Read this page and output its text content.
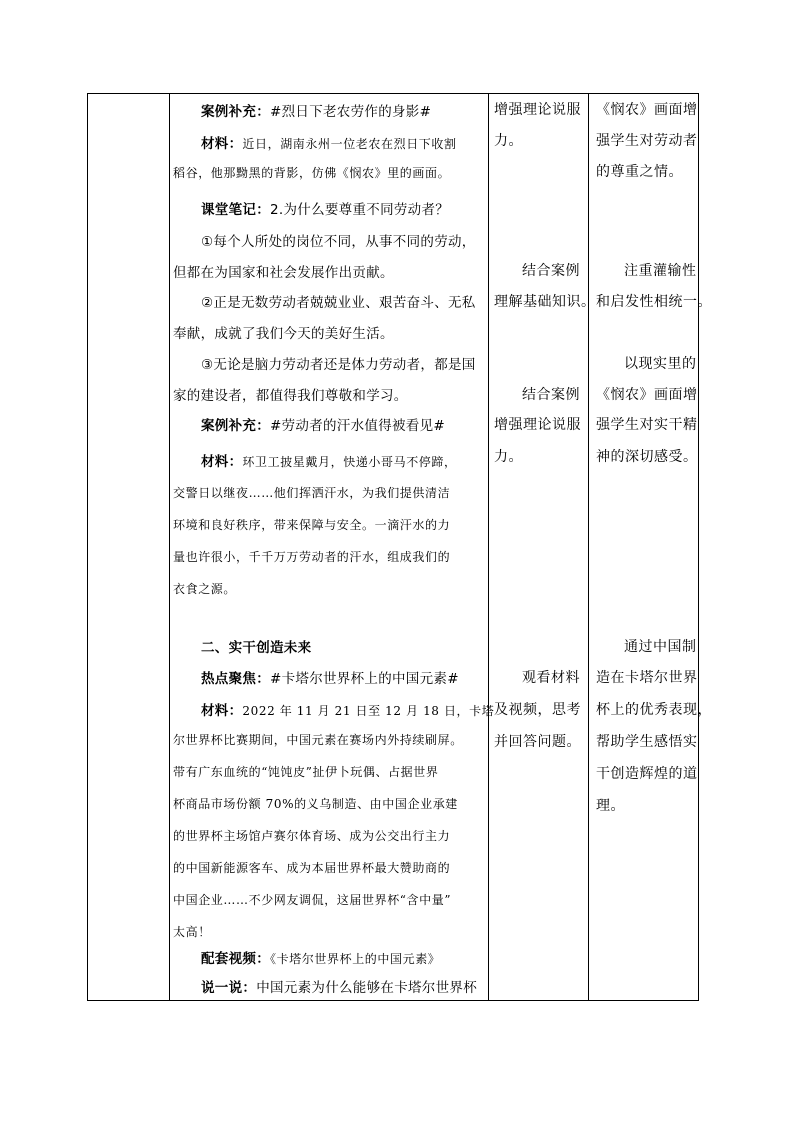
案例补充：#烈日下老农劳作的身影#
材料：近日，湖南永州一位老农在烈日下收割
稻谷，他那黝黑的背影，仿佛《悯农》里的画面。
课堂笔记：2.为什么要尊重不同劳动者？
①每个人所处的岗位不同，从事不同的劳动，
但都在为国家和社会发展作出贡献。
②正是无数劳动者兢兢业业、艰苦奋斗、无私
奉献，成就了我们今天的美好生活。
③无论是脑力劳动者还是体力劳动者，都是国
家的建设者，都值得我们尊敬和学习。
案例补充：#劳动者的汗水值得被看见#
材料：环卫工披星戴月，快递小哥马不停蹄，
交警日以继夜……他们挥洒汗水，为我们提供清洁
环境和良好秩序，带来保障与安全。一滴汗水的力
量也许很小，千千万万劳动者的汗水，组成我们的
衣食之源。
二、实干创造未来
热点聚焦：#卡塔尔世界杯上的中国元素#
材料：2022 年 11 月 21 日至 12 月 18 日，卡塔
尔世界杯比赛期间，中国元素在赛场内外持续刷屏。
带有广东血统的“饨饨皮”扯伊卜玩偶、占据世界
杯商品市场份额 70%的义乌制造、由中国企业承建
的世界杯主场馆卢赛尔体育场、成为公交出行主力
的中国新能源客车、成为本届世界杯最大赞助商的
中国企业……不少网友调侃，这届世界杯“含中量”
太高！
配套视频：《卡塔尔世界杯上的中国元素》
说一说：中国元素为什么能够在卡塔尔世界杯
增强理论说服
力。
结合案例
理解基础知识。
结合案例
增强理论说服
力。
观看材料
及视频，思考
并回答问题。
《悯农》画面增
强学生对劳动者
的尊重之情。
注重灌输性
和启发性相统一。
以现实里的
《悯农》画面增
强学生对实干精
神的深切感受。
通过中国制
造在卡塔尔世界
杯上的优秀表现，
帮助学生感悟实
干创造辉煌的道
理。
